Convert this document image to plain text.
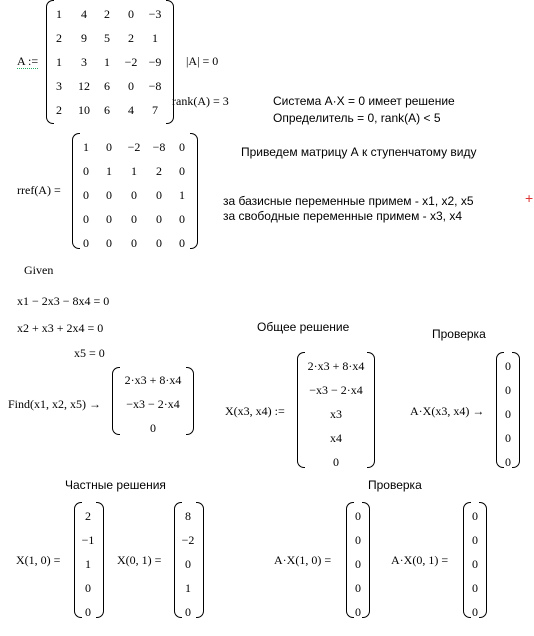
A :=
1 4 2 0 −3
2 9 5 2 1
1 3 1 −2 −9
3 12 6 0 −8
2 10 6 4 7
|A| = 0
rank(A) = 3	Система A·X = 0 имеет решение
Определитель = 0, rank(A) < 5
rref(A) =
1 0 −2 −8 0
0 1 1 2 0
0 0 0 0 1
0 0 0 0 0
0 0 0 0 0
Приведем матрицу А к ступенчатому виду
за базисные переменные примем - x1, x2, x5
за свободные переменные примем - x3, x4
+
Given
x1 − 2x3 − 8x4 = 0
x2 + x3 + 2x4 = 0
x5 = 0
Find(x1, x2, x5) →
2·x3 + 8·x4
−x3 − 2·x4
0
Общее решение
X(x3, x4) :=
2·x3 + 8·x4
−x3 − 2·x4
x3
x4
0
Проверка
A·X(x3, x4) →
0
0
0
0
0
Частные решения
X(1, 0) =
2
−1
1
0
0
X(0, 1) =
8
−2
0
1
0
Проверка
A·X(1, 0) =
0
0
0
0
0
A·X(0, 1) =
0
0
0
0
0
